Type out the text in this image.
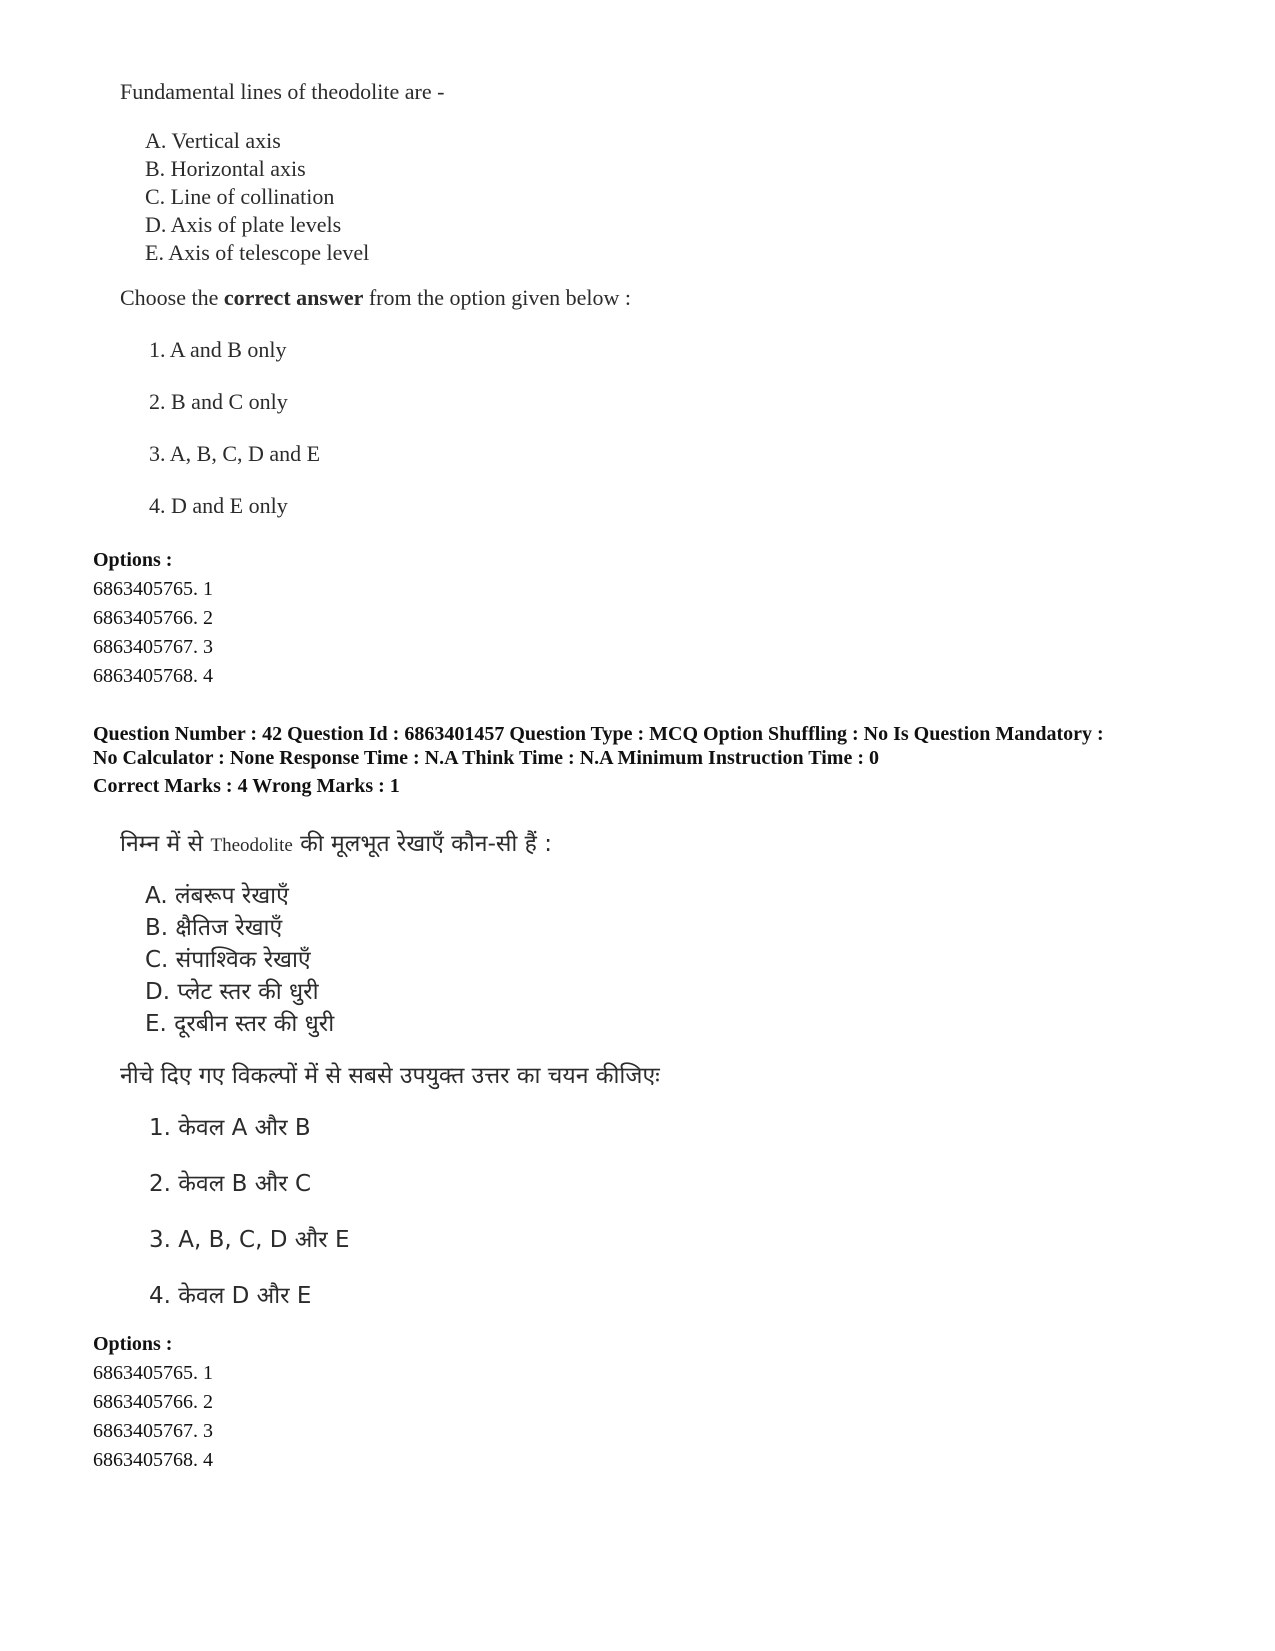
Fundamental lines of theodolite are -
A. Vertical axis
B. Horizontal axis
C. Line of collination
D. Axis of plate levels
E. Axis of telescope level
Choose the correct answer from the option given below :
1. A and B only
2. B and C only
3. A, B, C, D and E
4. D and E only
Options :
6863405765. 1
6863405766. 2
6863405767. 3
6863405768. 4
Question Number : 42 Question Id : 6863401457 Question Type : MCQ Option Shuffling : No Is Question Mandatory :
No Calculator : None Response Time : N.A Think Time : N.A Minimum Instruction Time : 0
Correct Marks : 4 Wrong Marks : 1
निम्न में से Theodolite की मूलभूत रेखाएँ कौन-सी हैं :
A. लंबरूप रेखाएँ
B. क्षैतिज रेखाएँ
C. संपाश्विक रेखाएँ
D. प्लेट स्तर की धुरी
E. दूरबीन स्तर की धुरी
नीचे दिए गए विकल्पों में से सबसे उपयुक्त उत्तर का चयन कीजिएः
1. केवल A और B
2. केवल B और C
3. A, B, C, D और E
4. केवल D और E
Options :
6863405765. 1
6863405766. 2
6863405767. 3
6863405768. 4
